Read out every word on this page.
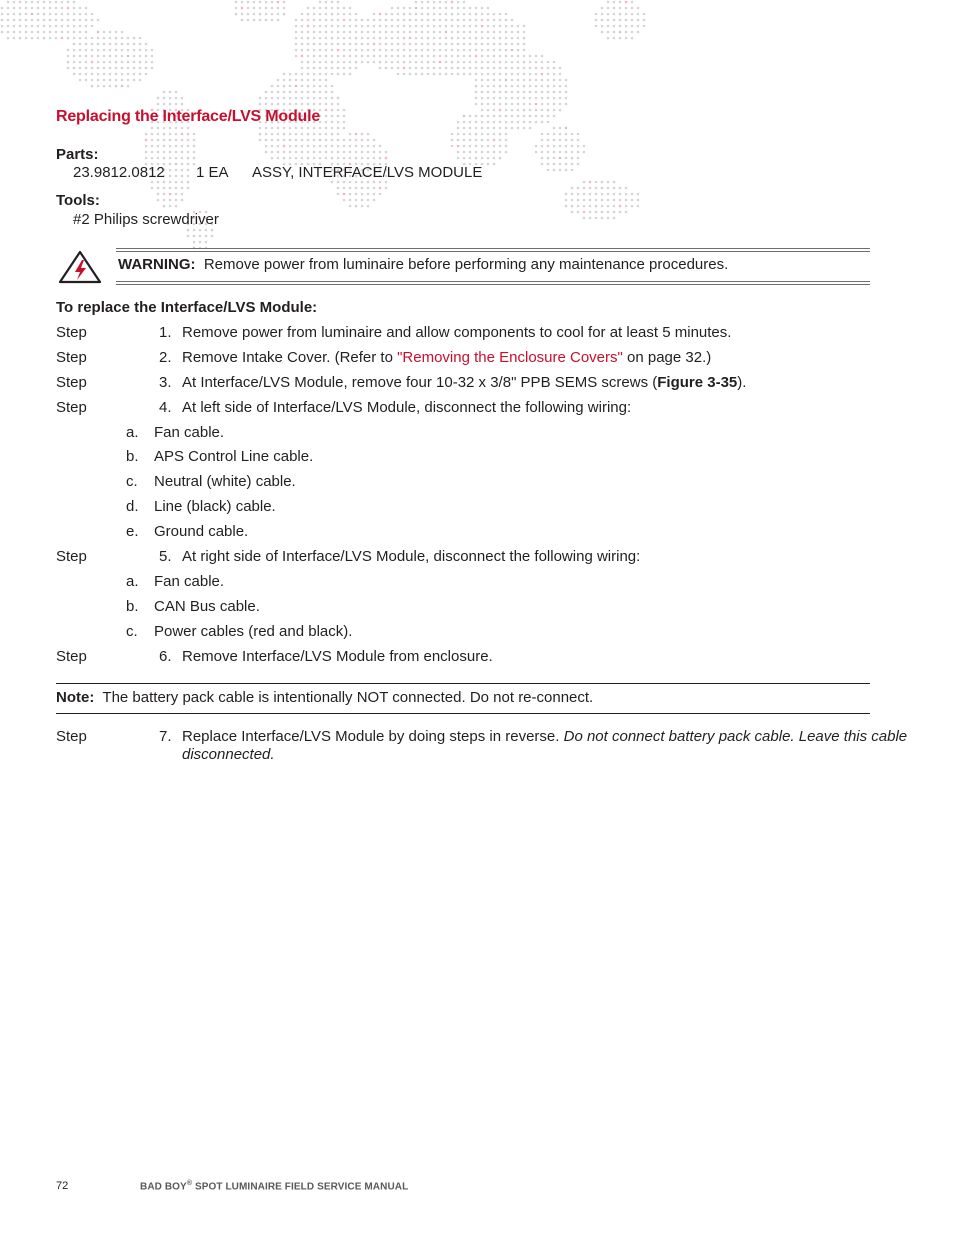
Replacing the Interface/LVS Module
Parts:
23.9812.0812 1 EA ASSY, INTERFACE/LVS MODULE
Tools:
#2 Philips screwdriver
WARNING: Remove power from luminaire before performing any maintenance procedures.
To replace the Interface/LVS Module:
Step	1. Remove power from luminaire and allow components to cool for at least 5 minutes.
Step	2. Remove Intake Cover. (Refer to "Removing the Enclosure Covers" on page 32.)
Step	3. At Interface/LVS Module, remove four 10-32 x 3/8" PPB SEMS screws (Figure 3-35).
Step	4. At left side of Interface/LVS Module, disconnect the following wiring:
a. Fan cable.
b. APS Control Line cable.
c. Neutral (white) cable.
d. Line (black) cable.
e. Ground cable.
Step	5. At right side of Interface/LVS Module, disconnect the following wiring:
a. Fan cable.
b. CAN Bus cable.
c. Power cables (red and black).
Step	6. Remove Interface/LVS Module from enclosure.
Note: The battery pack cable is intentionally NOT connected. Do not re-connect.
Step	7. Replace Interface/LVS Module by doing steps in reverse. Do not connect battery pack cable. Leave this cable disconnected.
72	BAD BOY® SPOT LUMINAIRE FIELD SERVICE MANUAL
